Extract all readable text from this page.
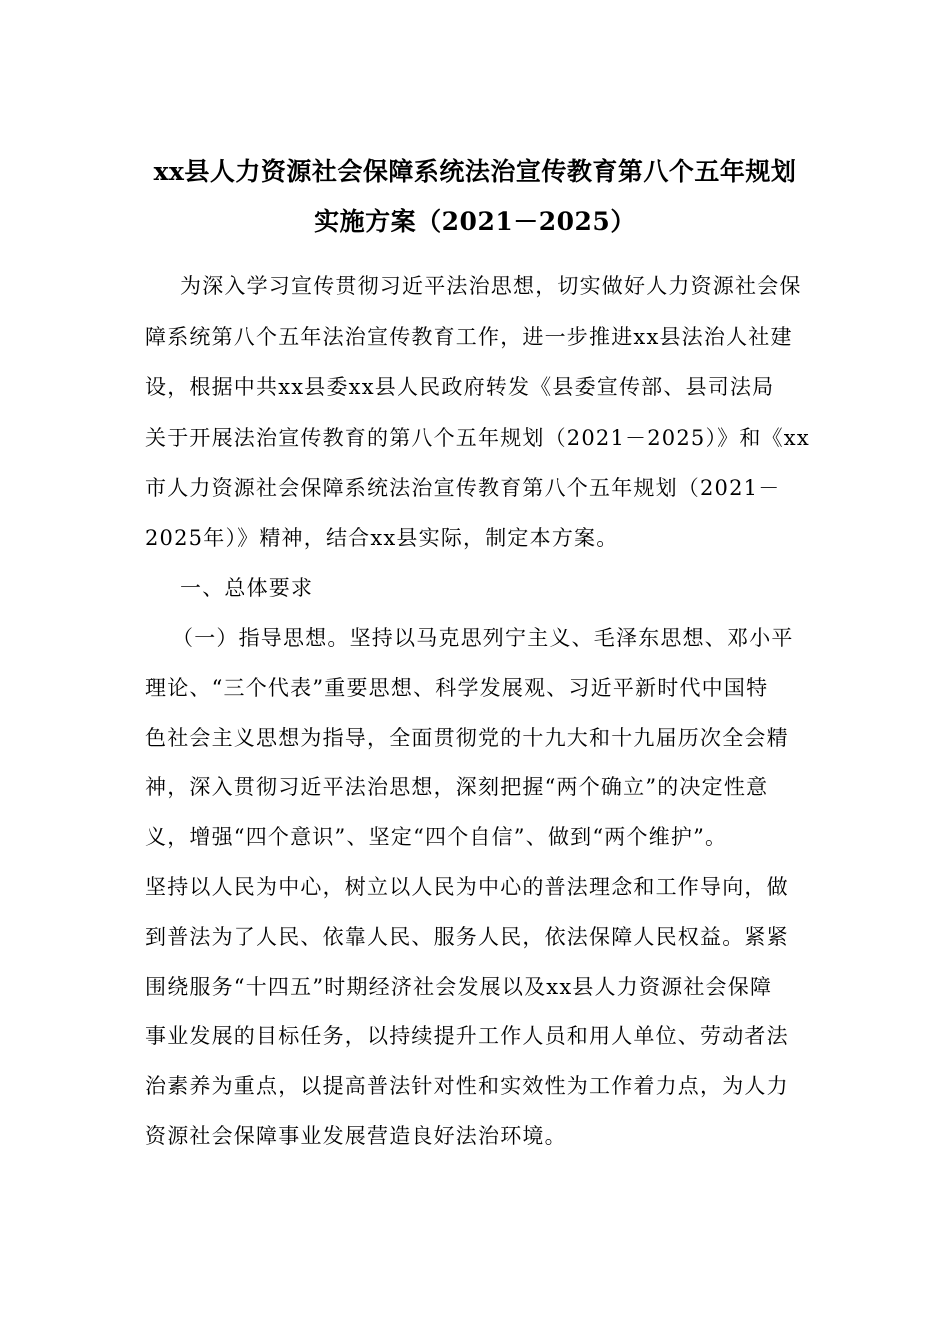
xx县人力资源社会保障系统法治宣传教育第八个五年规划
实施方案（2021－2025）
为深入学习宣传贯彻习近平法治思想，切实做好人力资源社会保
障系统第八个五年法治宣传教育工作，进一步推进xx县法治人社建
设，根据中共xx县委xx县人民政府转发《县委宣传部、县司法局
关于开展法治宣传教育的第八个五年规划（2021－2025）》和《xx
市人力资源社会保障系统法治宣传教育第八个五年规划（2021－
2025年）》精神，结合xx县实际，制定本方案。
一、总体要求
（一）指导思想。坚持以马克思列宁主义、毛泽东思想、邓小平
理论、“三个代表”重要思想、科学发展观、习近平新时代中国特
色社会主义思想为指导，全面贯彻党的十九大和十九届历次全会精
神，深入贯彻习近平法治思想，深刻把握“两个确立”的决定性意
义，增强“四个意识”、坚定“四个自信”、做到“两个维护”。
坚持以人民为中心，树立以人民为中心的普法理念和工作导向，做
到普法为了人民、依靠人民、服务人民，依法保障人民权益。紧紧
围绕服务“十四五”时期经济社会发展以及xx县人力资源社会保障
事业发展的目标任务，以持续提升工作人员和用人单位、劳动者法
治素养为重点，以提高普法针对性和实效性为工作着力点，为人力
资源社会保障事业发展营造良好法治环境。
